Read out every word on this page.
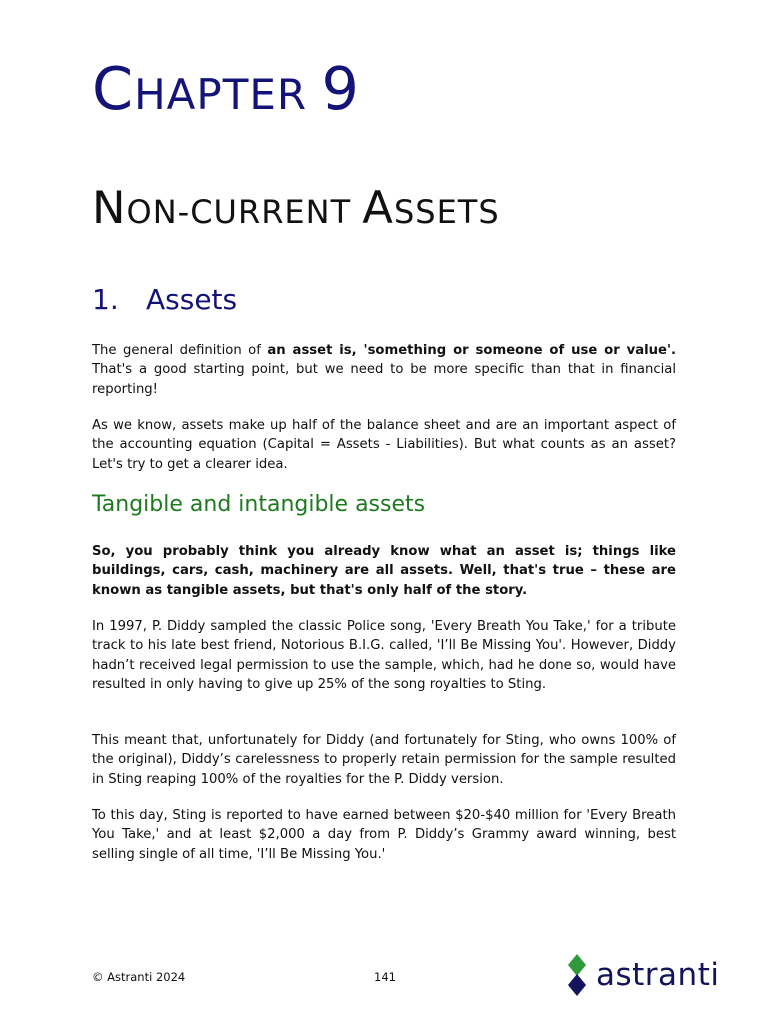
CHAPTER 9
NON-CURRENT ASSETS
1. Assets

The general definition of an asset is, 'something or someone of use or value'. That's a good starting point, but we need to be more specific than that in financial reporting!

As we know, assets make up half of the balance sheet and are an important aspect of the accounting equation (Capital = Assets - Liabilities). But what counts as an asset? Let's try to get a clearer idea.

Tangible and intangible assets

So, you probably think you already know what an asset is; things like buildings, cars, cash, machinery are all assets. Well, that's true – these are known as tangible assets, but that's only half of the story.

In 1997, P. Diddy sampled the classic Police song, 'Every Breath You Take,' for a tribute track to his late best friend, Notorious B.I.G. called, 'I’ll Be Missing You'. However, Diddy hadn’t received legal permission to use the sample, which, had he done so, would have resulted in only having to give up 25% of the song royalties to Sting.

This meant that, unfortunately for Diddy (and fortunately for Sting, who owns 100% of the original), Diddy’s carelessness to properly retain permission for the sample resulted in Sting reaping 100% of the royalties for the P. Diddy version.

To this day, Sting is reported to have earned between $20-$40 million for 'Every Breath You Take,' and at least $2,000 a day from P. Diddy’s Grammy award winning, best selling single of all time, 'I’ll Be Missing You.'

© Astranti 2024	141	astranti
